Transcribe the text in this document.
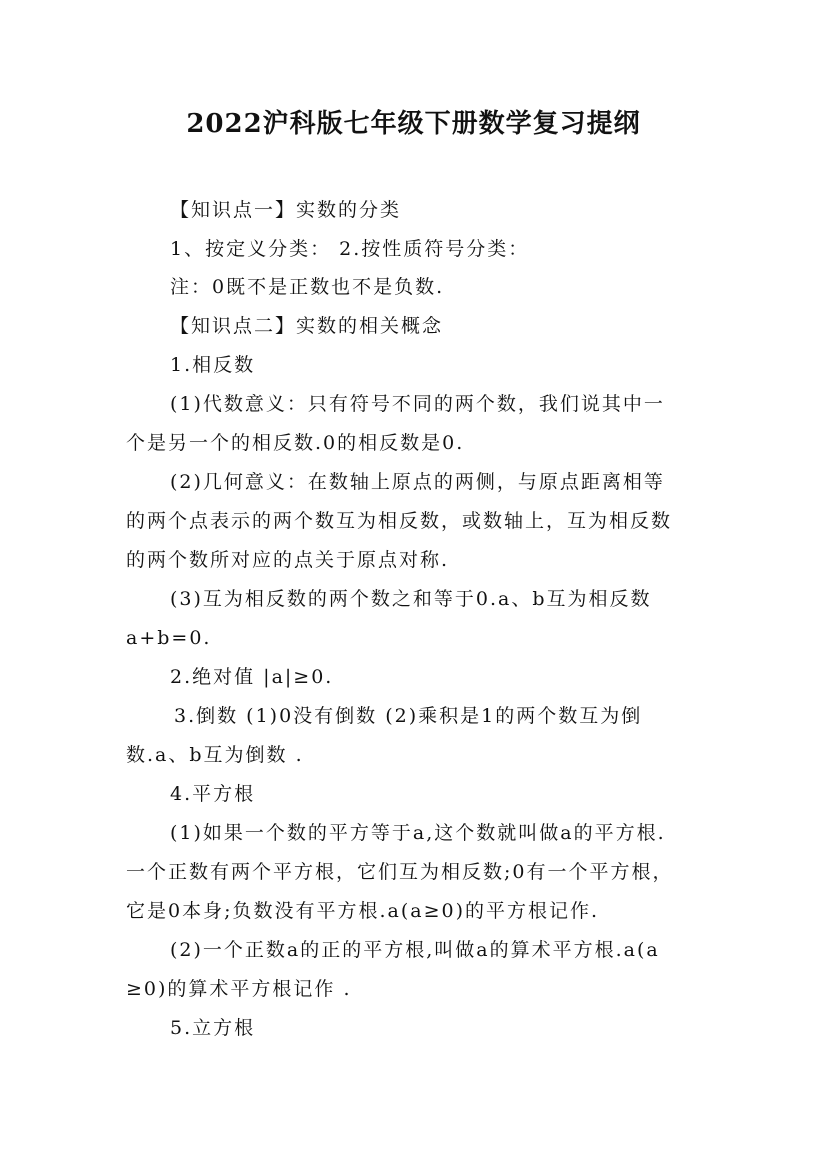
2022沪科版七年级下册数学复习提纲
【知识点一】实数的分类
1、按定义分类： 2.按性质符号分类：
注：0既不是正数也不是负数.
【知识点二】实数的相关概念
1.相反数
(1)代数意义：只有符号不同的两个数，我们说其中一
个是另一个的相反数.0的相反数是0.
(2)几何意义：在数轴上原点的两侧，与原点距离相等
的两个点表示的两个数互为相反数，或数轴上，互为相反数
的两个数所对应的点关于原点对称.
(3)互为相反数的两个数之和等于0.a、b互为相反数
a+b=0.
2.绝对值 |a|≥0.
3.倒数 (1)0没有倒数 (2)乘积是1的两个数互为倒
数.a、b互为倒数 .
4.平方根
(1)如果一个数的平方等于a,这个数就叫做a的平方根.
一个正数有两个平方根，它们互为相反数;0有一个平方根，
它是0本身;负数没有平方根.a(a≥0)的平方根记作.
(2)一个正数a的正的平方根,叫做a的算术平方根.a(a
≥0)的算术平方根记作 .
5.立方根
